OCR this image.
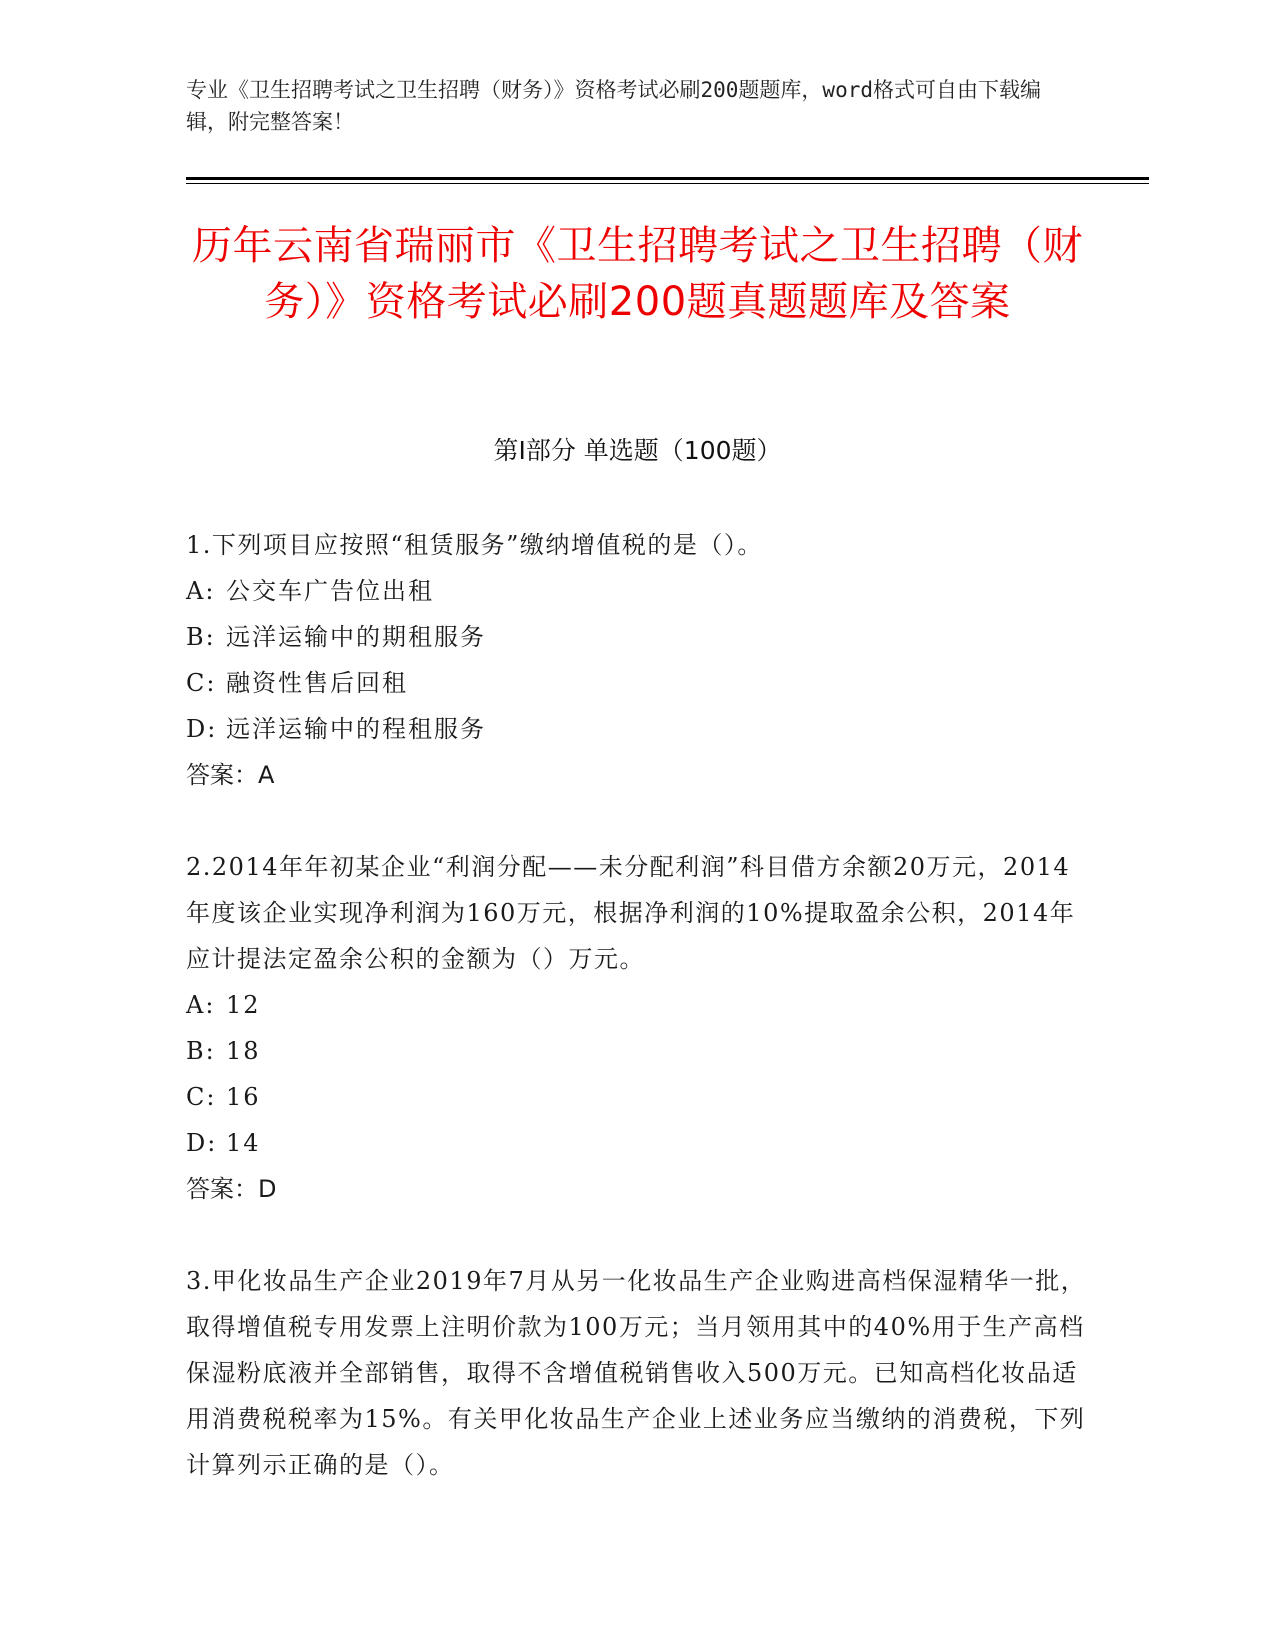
专业《卫生招聘考试之卫生招聘（财务）》资格考试必刷200题题库，word格式可自由下载编辑，附完整答案！
历年云南省瑞丽市《卫生招聘考试之卫生招聘（财务）》资格考试必刷200题真题题库及答案
第Ⅰ部分 单选题（100题）

1.下列项目应按照“租赁服务”缴纳增值税的是（）。

A: 公交车广告位出租

B: 远洋运输中的期租服务

C: 融资性售后回租

D: 远洋运输中的程租服务

答案：A

2.2014年年初某企业“利润分配——未分配利润”科目借方余额20万元，2014年度该企业实现净利润为160万元，根据净利润的10%提取盈余公积，2014年应计提法定盈余公积的金额为（）万元。

A: 12

B: 18

C: 16

D: 14

答案：D

3.甲化妆品生产企业2019年7月从另一化妆品生产企业购进高档保湿精华一批，取得增值税专用发票上注明价款为100万元；当月领用其中的40%用于生产高档保湿粉底液并全部销售，取得不含增值税销售收入500万元。已知高档化妆品适用消费税税率为15%。有关甲化妆品生产企业上述业务应当缴纳的消费税，下列计算列示正确的是（）。
